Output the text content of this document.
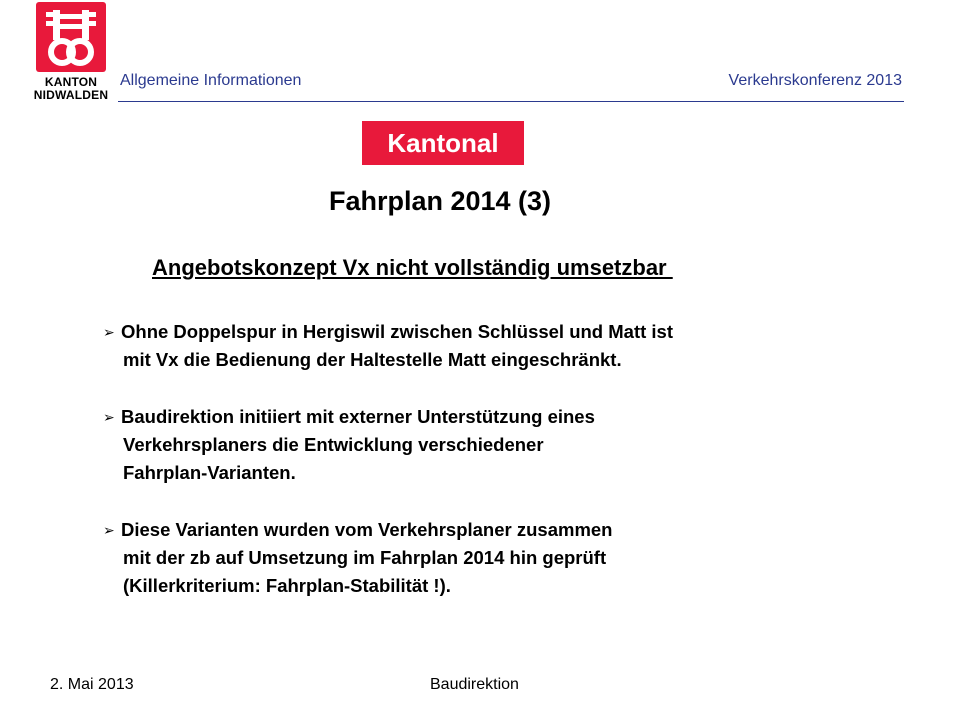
KANTON
NIDWALDEN
Allgemeine Informationen	Verkehrskonferenz 2013
Kantonal
Fahrplan 2014 (3)
Angebotskonzept Vx nicht vollständig umsetzbar
➢ Ohne Doppelspur in Hergiswil zwischen Schlüssel und Matt ist
mit Vx die Bedienung der Haltestelle Matt eingeschränkt.
➢ Baudirektion initiiert mit externer Unterstützung eines
Verkehrsplaners die Entwicklung verschiedener
Fahrplan-Varianten.
➢ Diese Varianten wurden vom Verkehrsplaner zusammen
mit der zb auf Umsetzung im Fahrplan 2014 hin geprüft
(Killerkriterium: Fahrplan-Stabilität !).
2. Mai 2013	Baudirektion
